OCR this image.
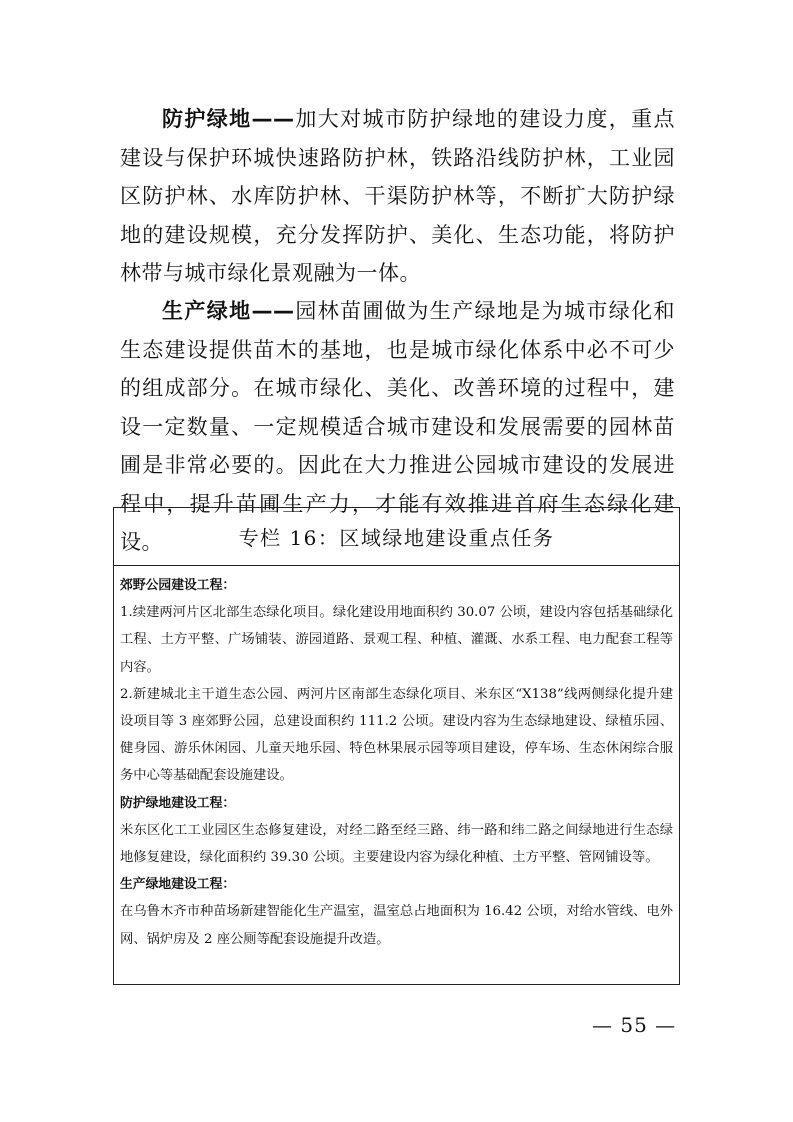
防护绿地——加大对城市防护绿地的建设力度，重点建设与保护环城快速路防护林，铁路沿线防护林，工业园区防护林、水库防护林、干渠防护林等，不断扩大防护绿地的建设规模，充分发挥防护、美化、生态功能，将防护林带与城市绿化景观融为一体。

生产绿地——园林苗圃做为生产绿地是为城市绿化和生态建设提供苗木的基地，也是城市绿化体系中必不可少的组成部分。在城市绿化、美化、改善环境的过程中，建设一定数量、一定规模适合城市建设和发展需要的园林苗圃是非常必要的。因此在大力推进公园城市建设的发展进程中，提升苗圃生产力，才能有效推进首府生态绿化建设。	专栏 16：区域绿地建设重点任务

郊野公园建设工程：

1.续建两河片区北部生态绿化项目。绿化建设用地面积约 30.07 公顷，建设内容包括基础绿化工程、土方平整、广场铺装、游园道路、景观工程、种植、灌溉、水系工程、电力配套工程等内容。

2.新建城北主干道生态公园、两河片区南部生态绿化项目、米东区“X138”线两侧绿化提升建设项目等 3 座郊野公园，总建设面积约 111.2 公顷。建设内容为生态绿地建设、绿植乐园、健身园、游乐休闲园、儿童天地乐园、特色林果展示园等项目建设，停车场、生态休闲综合服务中心等基础配套设施建设。

防护绿地建设工程：

米东区化工工业园区生态修复建设，对经二路至经三路、纬一路和纬二路之间绿地进行生态绿地修复建设，绿化面积约 39.30 公顷。主要建设内容为绿化种植、土方平整、管网铺设等。

生产绿地建设工程：

在乌鲁木齐市种苗场新建智能化生产温室，温室总占地面积为 16.42 公顷，对给水管线、电外网、锅炉房及 2 座公厕等配套设施提升改造。

— 55 —
